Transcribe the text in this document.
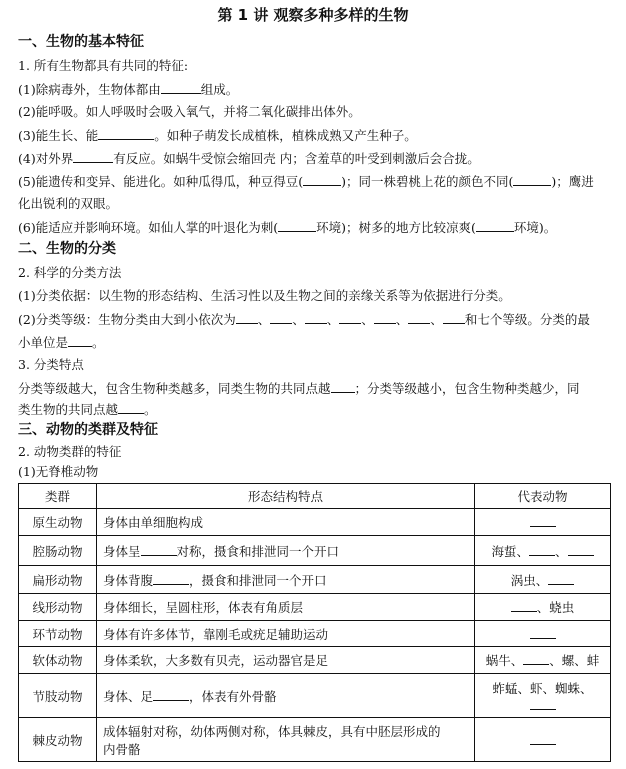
第 1 讲 观察多种多样的生物
一、生物的基本特征
1. 所有生物都具有共同的特征:
(1)除病毒外，生物体都由	组成。
(2)能呼吸。如人呼吸时会吸入氧气，并将二氧化碳排出体外。
(3)能生长、能	。如种子萌发长成植株，植株成熟又产生种子。
(4)对外界	有反应。如蜗牛受惊会缩回壳 内；含羞草的叶受到刺激后会合拢。
(5)能遗传和变异、能进化。如种瓜得瓜，种豆得豆(	)；同一株碧桃上花的颜色不同(	)；鹰进
化出锐利的双眼。
(6)能适应并影响环境。如仙人掌的叶退化为刺(	环境)；树多的地方比较凉爽(	环境)。
二、生物的分类
2. 科学的分类方法
(1)分类依据：以生物的形态结构、生活习性以及生物之间的亲缘关系等为依据进行分类。
(2)分类等级：生物分类由大到小依次为 、 、 、 、 、 、 和七个等级。分类的最
小单位是 。
3. 分类特点
分类等级越大，包含生物种类越多，同类生物的共同点越 ；分类等级越小，包含生物种类越少，同
类生物的共同点越 。
三、动物的类群及特征
2. 动物类群的特征
(1)无脊椎动物
类群	形态结构特点	代表动物
原生动物	身体由单细胞构成	
腔肠动物	身体呈 对称，摄食和排泄同一个开口	海蜇、 、
扁形动物	身体背腹 ，摄食和排泄同一个开口	涡虫、
线形动物	身体细长，呈圆柱形，体表有角质层	、蛲虫
环节动物	身体有许多体节，靠刚毛或疣足辅助运动	
软体动物	身体柔软，大多数有贝壳，运动器官是足	蜗牛、 、螺、蚌
节肢动物	身体、足 ，体表有外骨骼	蚱蜢、虾、蜘蛛、

棘皮动物	成体辐射对称，幼体两侧对称，体具棘皮，具有中胚层形成的
内骨骼	
